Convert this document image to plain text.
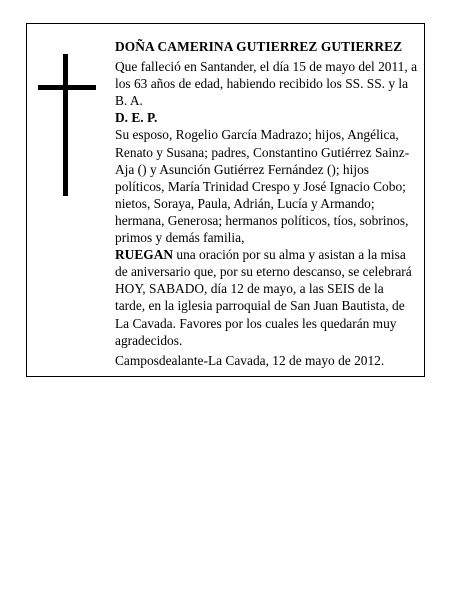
DOÑA CAMERINA GUTIERREZ GUTIERREZ

Que falleció en Santander, el día 15 de mayo del 2011, a los 63 años de edad, habiendo recibido los SS. SS. y la B. A.

D. E. P.

Su esposo, Rogelio García Madrazo; hijos, Angélica, Renato y Susana; padres, Constantino Gutiérrez Sainz-Aja () y Asunción Gutiérrez Fernández (); hijos políticos, María Trinidad Crespo y José Ignacio Cobo; nietos, Soraya, Paula, Adrián, Lucía y Armando; hermana, Generosa; hermanos políticos, tíos, sobrinos, primos y demás familia,

RUEGAN una oración por su alma y asistan a la misa de aniversario que, por su eterno descanso, se celebrará HOY, SABADO, día 12 de mayo, a las SEIS de la tarde, en la iglesia parroquial de San Juan Bautista, de La Cavada. Favores por los cuales les quedarán muy agradecidos.

Camposdealante-La Cavada, 12 de mayo de 2012.
